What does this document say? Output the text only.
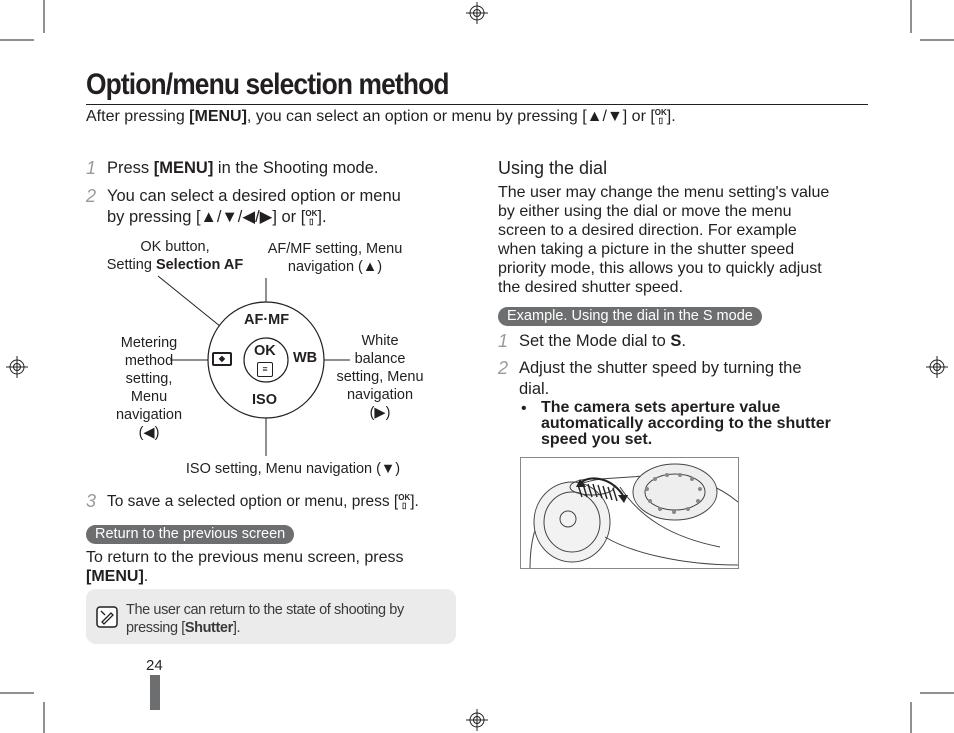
Option/menu selection method
After pressing [MENU], you can select an option or menu by pressing [▲/▼] or [OK
▯ ].
1 Press [MENU] in the Shooting mode.
2 You can select a desired option or menu
by pressing [▲/▼/◀/▶] or [OK
▯ ].
AF·MF
OK
≡
WB
ISO
◆
OK button,
Setting Selection AF
AF/MF setting, Menu
navigation (▲)
Metering
method
setting,
Menu
navigation
(◀)
White
balance
setting, Menu
navigation
(▶)
ISO setting, Menu navigation (▼)
3 To save a selected option or menu, press [OK
▯ ].
Return to the previous screen
To return to the previous menu screen, press
[MENU].
The user can return to the state of shooting by
pressing [Shutter].
24
Using the dial
The user may change the menu setting's value
by either using the dial or move the menu
screen to a desired direction. For example
when taking a picture in the shutter speed
priority mode, this allows you to quickly adjust
the desired shutter speed.
Example. Using the dial in the S mode
1 Set the Mode dial to S.
2 Adjust the shutter speed by turning the
dial.
• The camera sets aperture value
automatically according to the shutter
speed you set.
